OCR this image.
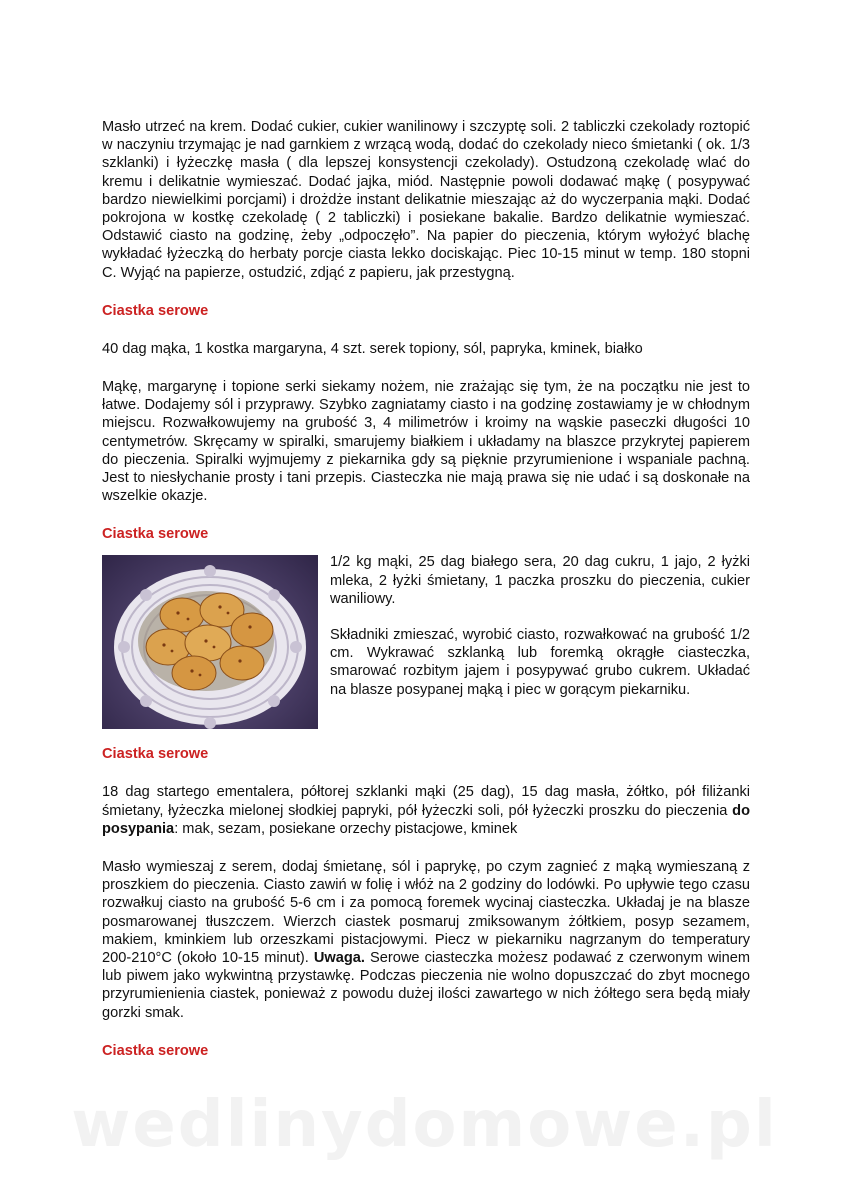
Masło utrzeć na krem. Dodać cukier, cukier wanilinowy i szczyptę soli. 2 tabliczki czekolady roztopić w naczyniu trzymając je nad garnkiem z wrzącą wodą, dodać do czekolady nieco śmietanki ( ok. 1/3 szklanki) i łyżeczkę masła ( dla lepszej konsystencji czekolady). Ostudzoną czekoladę wlać do kremu i delikatnie wymieszać. Dodać jajka, miód. Następnie powoli dodawać mąkę ( posypywać bardzo niewielkimi porcjami) i drożdże instant delikatnie mieszając aż do wyczerpania mąki. Dodać pokrojona w kostkę czekoladę ( 2 tabliczki) i posiekane bakalie. Bardzo delikatnie wymieszać. Odstawić ciasto na godzinę, żeby „odpoczęło”. Na papier do pieczenia, którym wyłożyć blachę wykładać łyżeczką do herbaty porcje ciasta lekko dociskając. Piec 10-15 minut w temp. 180 stopni C. Wyjąć na papierze, ostudzić, zdjąć z papieru, jak przestygną.

Ciastka serowe

40 dag mąka, 1 kostka margaryna, 4 szt. serek topiony, sól, papryka, kminek, białko

Mąkę, margarynę i topione serki siekamy nożem, nie zrażając się tym, że na początku nie jest to łatwe. Dodajemy sól i przyprawy. Szybko zagniatamy ciasto i na godzinę zostawiamy je w chłodnym miejscu. Rozwałkowujemy na grubość 3, 4 milimetrów i kroimy na wąskie paseczki długości 10 centymetrów. Skręcamy w spiralki, smarujemy białkiem i układamy na blaszce przykrytej papierem do pieczenia. Spiralki wyjmujemy z piekarnika gdy są pięknie przyrumienione i wspaniale pachną. Jest to niesłychanie prosty i tani przepis. Ciasteczka nie mają prawa się nie udać i są doskonałe na wszelkie okazje.

Ciastka serowe

1/2 kg mąki, 25 dag białego sera, 20 dag cukru, 1 jajo, 2 łyżki mleka, 2 łyżki śmietany, 1 paczka proszku do pieczenia, cukier waniliowy.

Składniki zmieszać, wyrobić ciasto, rozwałkować na grubość 1/2 cm. Wykrawać szklanką lub foremką okrągłe ciasteczka, smarować rozbitym jajem i posypywać grubo cukrem. Układać na blasze posypanej mąką i piec w gorącym piekarniku.

Ciastka serowe

18 dag startego ementalera, półtorej szklanki mąki (25 dag), 15 dag masła, żółtko, pół filiżanki śmietany, łyżeczka mielonej słodkiej papryki, pół łyżeczki soli, pół łyżeczki proszku do pieczenia do posypania: mak, sezam, posiekane orzechy pistacjowe, kminek

Masło wymieszaj z serem, dodaj śmietanę, sól i paprykę, po czym zagnieć z mąką wymieszaną z proszkiem do pieczenia. Ciasto zawiń w folię i włóż na 2 godziny do lodówki. Po upływie tego czasu rozwałkuj ciasto na grubość 5-6 cm i za pomocą foremek wycinaj ciasteczka. Układaj je na blasze posmarowanej tłuszczem. Wierzch ciastek posmaruj zmiksowanym żółtkiem, posyp sezamem, makiem, kminkiem lub orzeszkami pistacjowymi. Piecz w piekarniku nagrzanym do temperatury 200-210°C (około 10-15 minut). Uwaga. Serowe ciasteczka możesz podawać z czerwonym winem lub piwem jako wykwintną przystawkę. Podczas pieczenia nie wolno dopuszczać do zbyt mocnego przyrumienienia ciastek, ponieważ z powodu dużej ilości zawartego w nich żółtego sera będą miały gorzki smak.

Ciastka serowe
wedlinydomowe.pl
